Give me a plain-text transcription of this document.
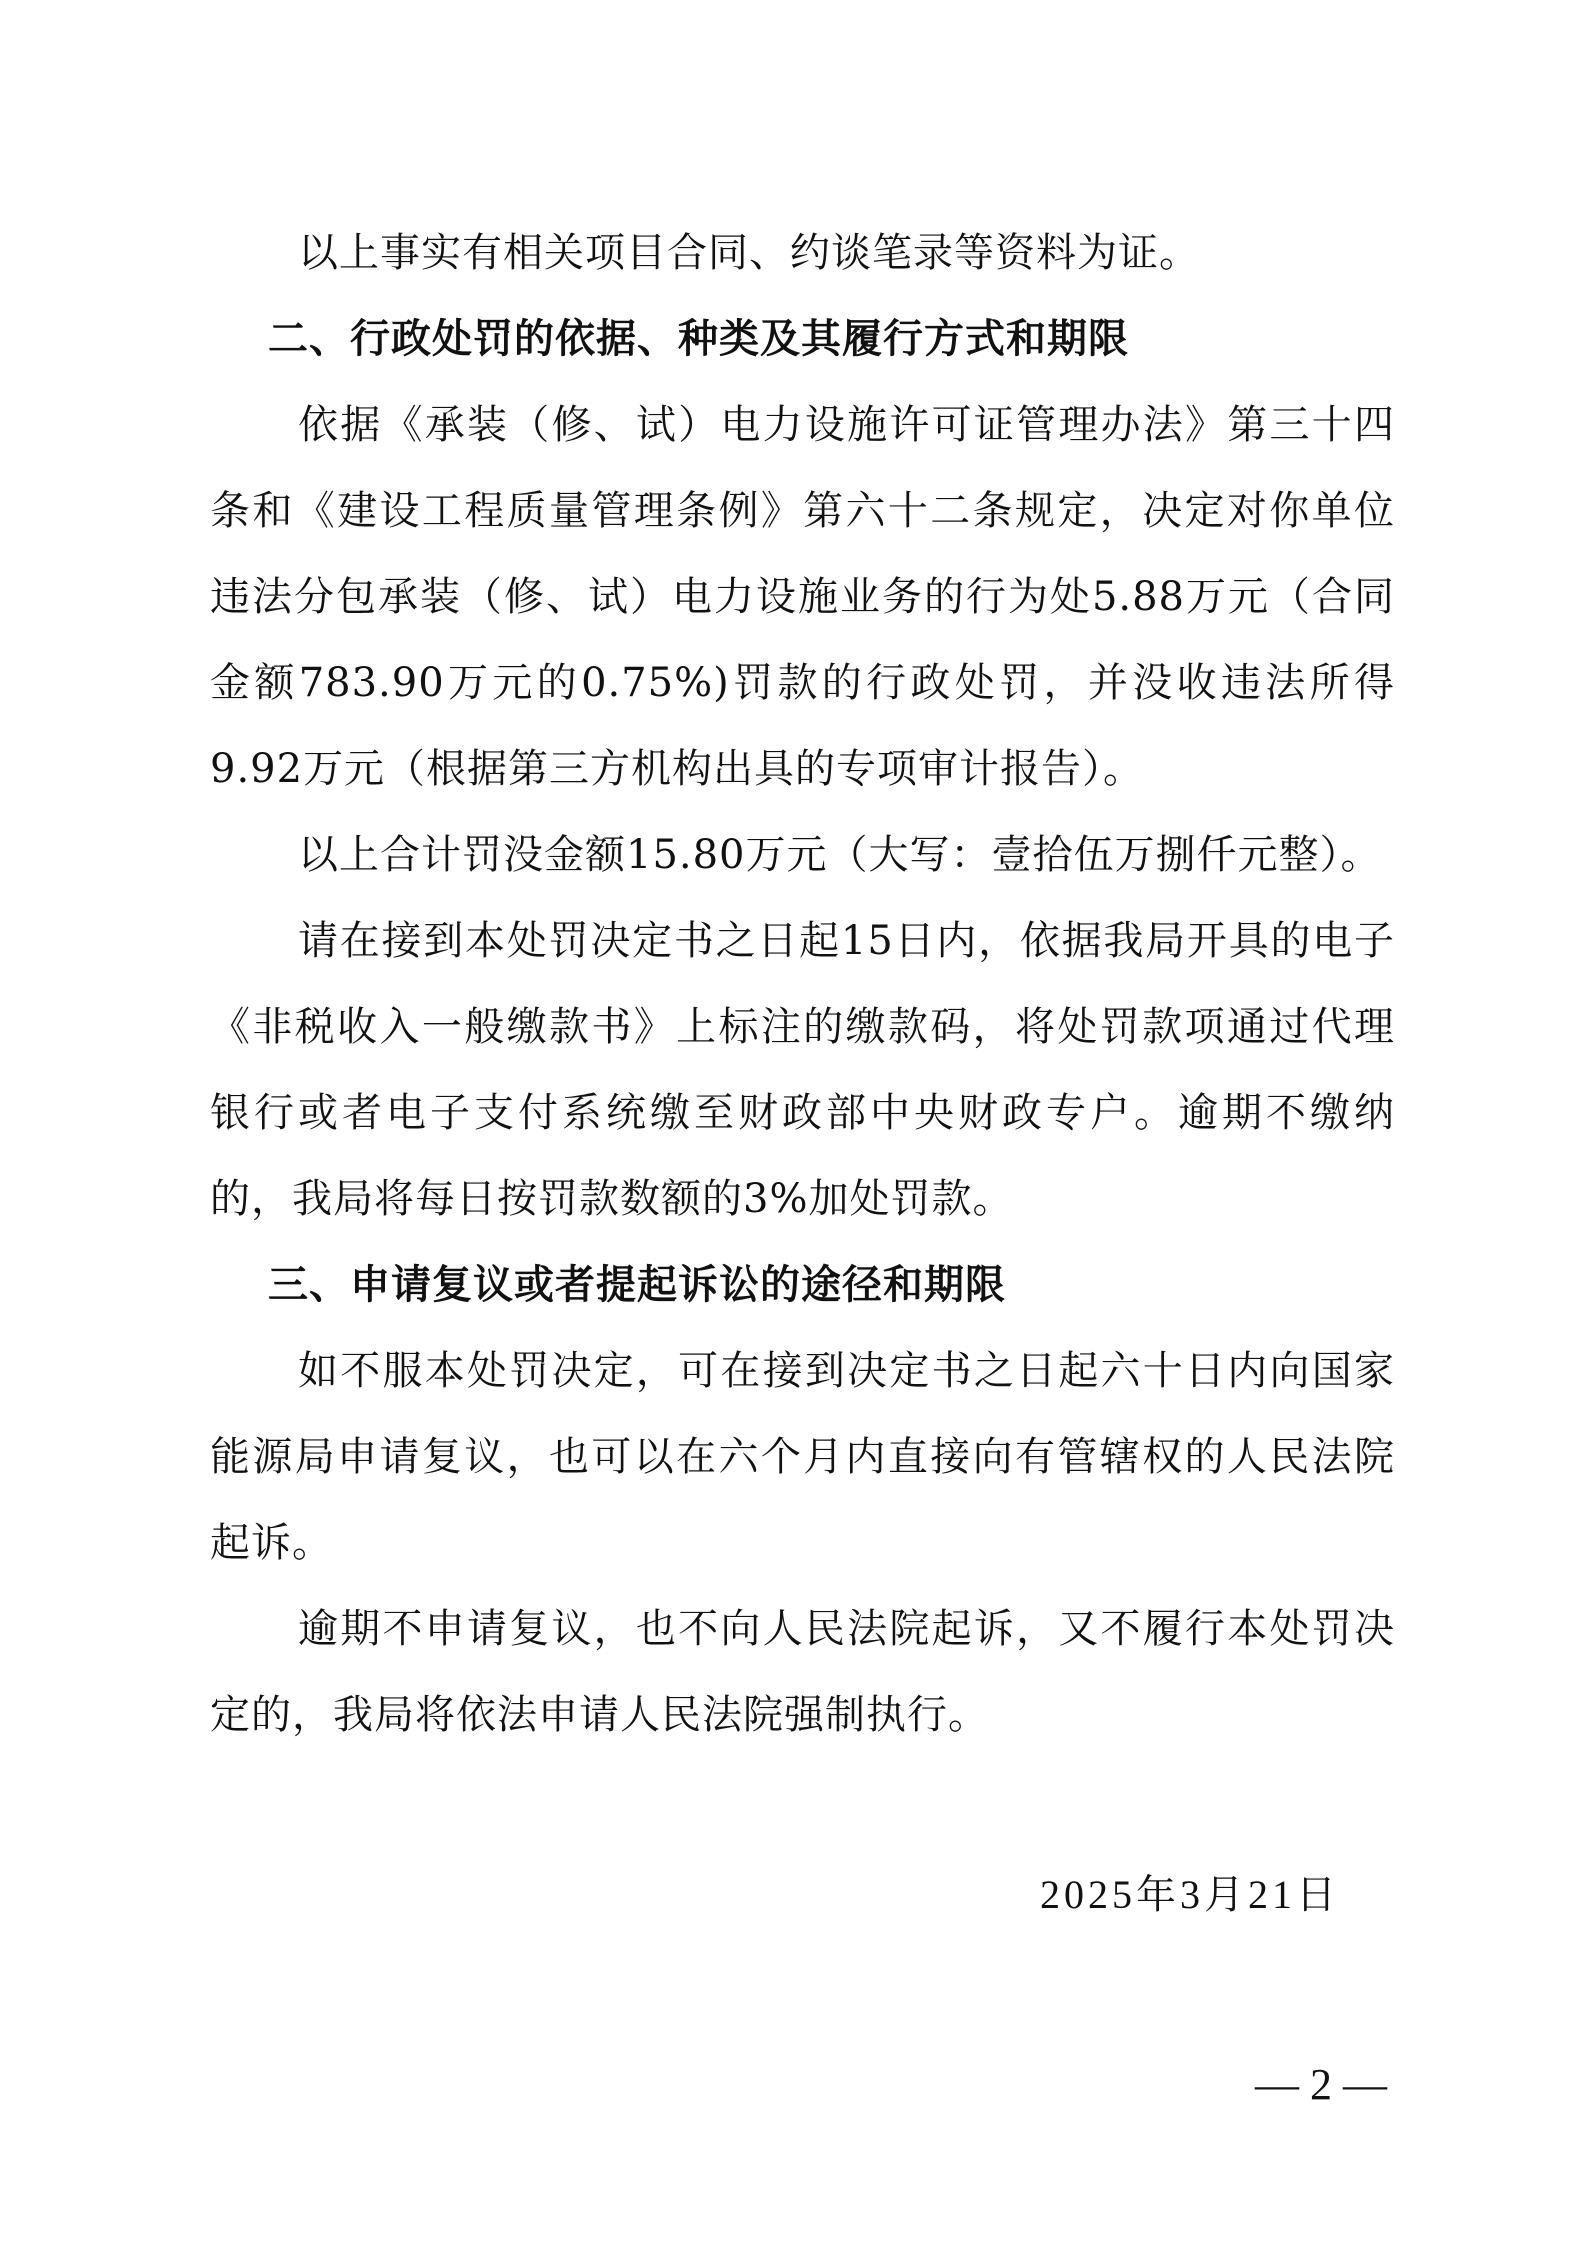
以上事实有相关项目合同、约谈笔录等资料为证。

二、行政处罚的依据、种类及其履行方式和期限

依据《承装（修、试）电力设施许可证管理办法》第三十四条和《建设工程质量管理条例》第六十二条规定，决定对你单位违法分包承装（修、试）电力设施业务的行为处5.88万元（合同金额783.90万元的0.75%)罚款的行政处罚，并没收违法所得9.92万元（根据第三方机构出具的专项审计报告）。

以上合计罚没金额15.80万元（大写：壹拾伍万捌仟元整）。

请在接到本处罚决定书之日起15日内，依据我局开具的电子《非税收入一般缴款书》上标注的缴款码，将处罚款项通过代理银行或者电子支付系统缴至财政部中央财政专户。逾期不缴纳的，我局将每日按罚款数额的3%加处罚款。

三、申请复议或者提起诉讼的途径和期限

如不服本处罚决定，可在接到决定书之日起六十日内向国家能源局申请复议，也可以在六个月内直接向有管辖权的人民法院起诉。

逾期不申请复议，也不向人民法院起诉，又不履行本处罚决定的，我局将依法申请人民法院强制执行。

2025年3月21日
— 2 —
